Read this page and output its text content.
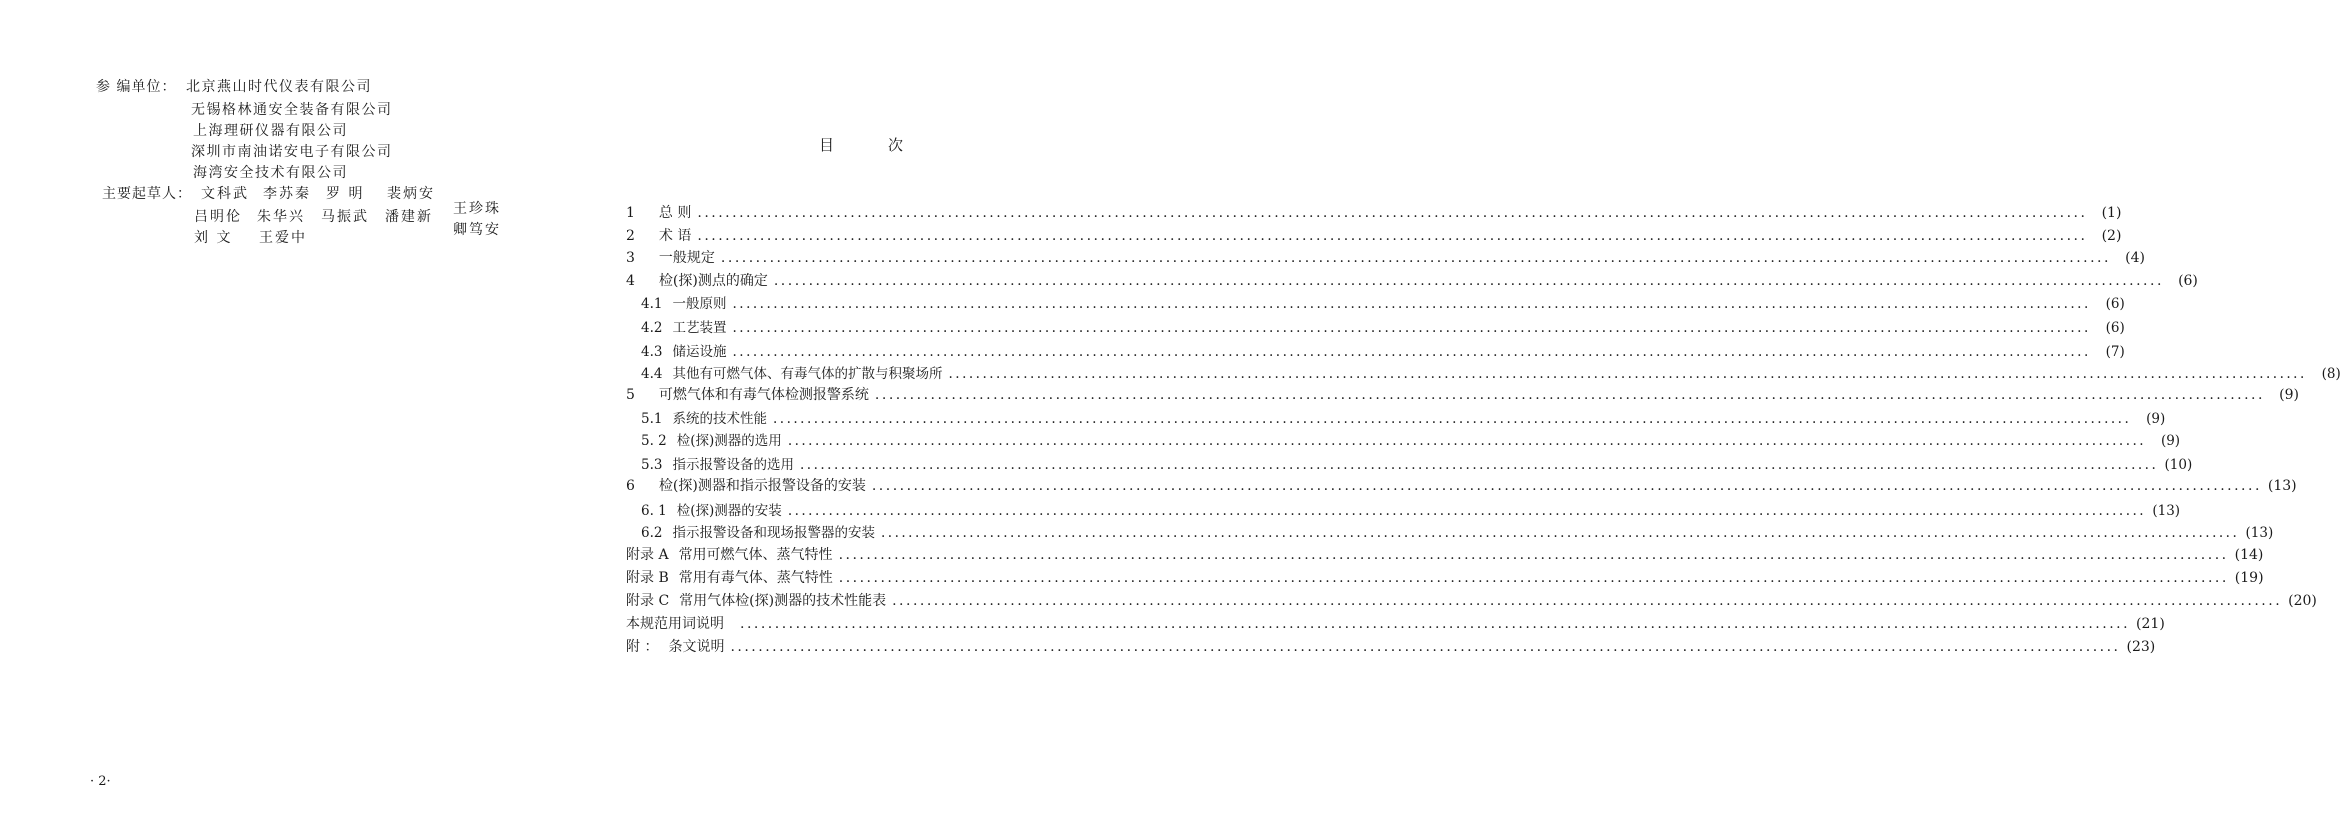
参 编单位： 北京燕山时代仪表有限公司
无锡格林通安全装备有限公司
上海理研仪器有限公司
深圳市南油诺安电子有限公司
海湾安全技术有限公司
主要起草人： 文科武 李苏秦 罗 明 裴炳安
吕明伦 朱华兴 马振武 潘建新
刘 文 王爱中
王珍珠
卿笃安
· 2·
目	次
1	总 则 ........................................................................................................................................................................................................	(1)
2	术 语 ........................................................................................................................................................................................................	(2)
3	一般规定 ........................................................................................................................................................................................................	(4)
4	检(探)测点的确定 ........................................................................................................................................................................................................	(6)
4.1 一般原则 ........................................................................................................................................................................................................	(6)
4.2 工艺装置 ........................................................................................................................................................................................................	(6)
4.3 储运设施 ........................................................................................................................................................................................................	(7)
4.4 其他有可燃气体、有毒气体的扩散与积聚场所 ........................................................................................................................................................................................................	(8)
5	可燃气体和有毒气体检测报警系统 ........................................................................................................................................................................................................	(9)
5.1 系统的技术性能 ........................................................................................................................................................................................................	(9)
5. 2 检(探)测器的选用 ........................................................................................................................................................................................................	(9)
5.3 指示报警设备的选用 ........................................................................................................................................................................................................ (10)
6	检(探)测器和指示报警设备的安装 ........................................................................................................................................................................................................ (13)
6. 1 检(探)测器的安装 ........................................................................................................................................................................................................ (13)
6.2 指示报警设备和现场报警器的安装 ........................................................................................................................................................................................................ (13)
附录 A 常用可燃气体、蒸气特性 ........................................................................................................................................................................................................ (14)
附录 B 常用有毒气体、蒸气特性 ........................................................................................................................................................................................................ (19)
附录 C 常用气体检(探)测器的技术性能表 ........................................................................................................................................................................................................ (20)
本规范用词说明 ........................................................................................................................................................................................................ (21)
附 ： 条文说明 ........................................................................................................................................................................................................ (23)
